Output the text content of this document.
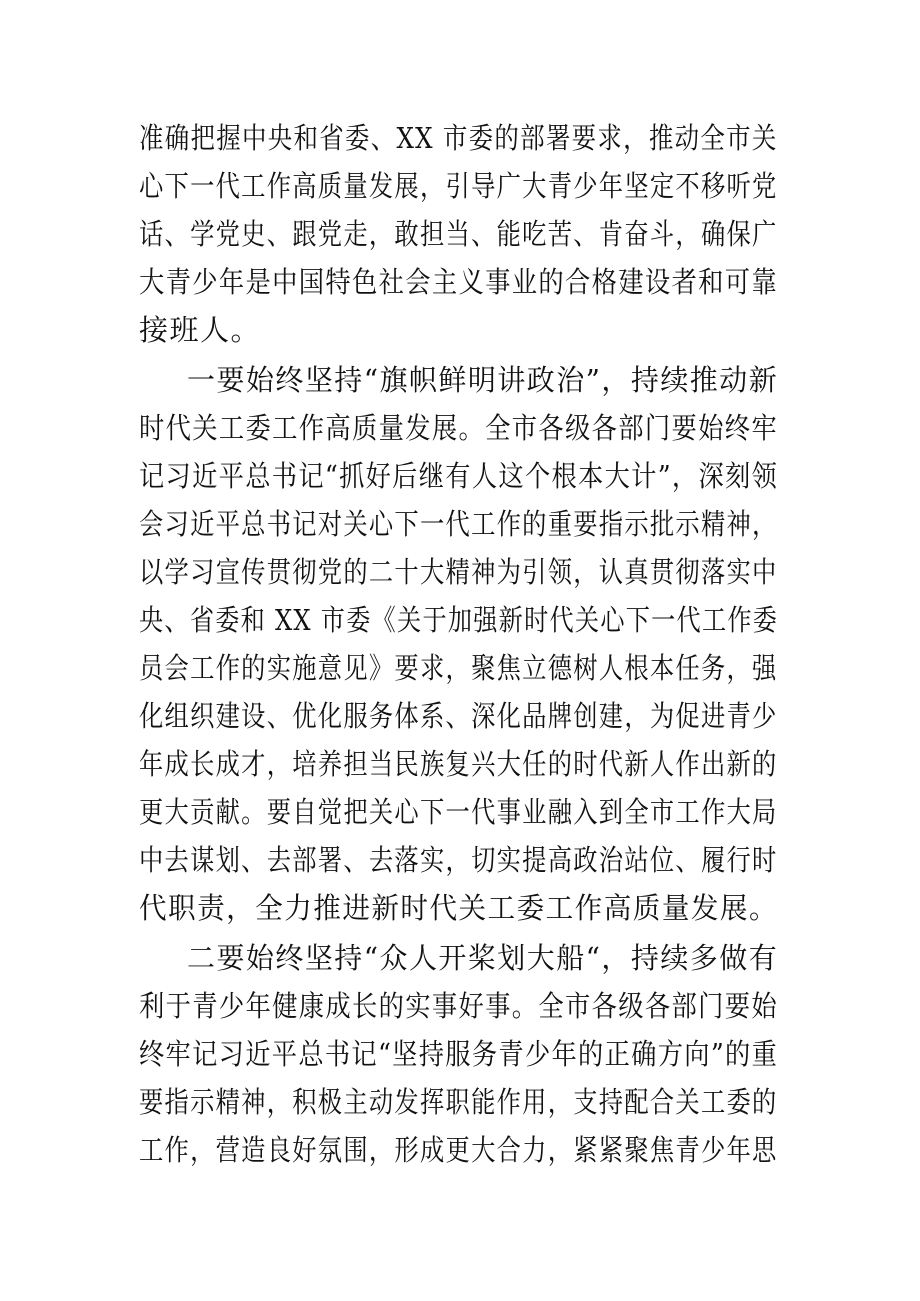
准确把握中央和省委、XX 市委的部署要求，推动全市关
心下一代工作高质量发展，引导广大青少年坚定不移听党
话、学党史、跟党走，敢担当、能吃苦、肯奋斗，确保广
大青少年是中国特色社会主义事业的合格建设者和可靠
接班人。
一要始终坚持“旗帜鲜明讲政治”，持续推动新
时代关工委工作高质量发展。全市各级各部门要始终牢
记习近平总书记“抓好后继有人这个根本大计”，深刻领
会习近平总书记对关心下一代工作的重要指示批示精神，
以学习宣传贯彻党的二十大精神为引领，认真贯彻落实中
央、省委和 XX 市委《关于加强新时代关心下一代工作委
员会工作的实施意见》要求，聚焦立德树人根本任务，强
化组织建设、优化服务体系、深化品牌创建，为促进青少
年成长成才，培养担当民族复兴大任的时代新人作出新的
更大贡献。要自觉把关心下一代事业融入到全市工作大局
中去谋划、去部署、去落实，切实提高政治站位、履行时
代职责，全力推进新时代关工委工作高质量发展。
二要始终坚持“众人开桨划大船“，持续多做有
利于青少年健康成长的实事好事。全市各级各部门要始
终牢记习近平总书记“坚持服务青少年的正确方向”的重
要指示精神，积极主动发挥职能作用，支持配合关工委的
工作，营造良好氛围，形成更大合力，紧紧聚焦青少年思
